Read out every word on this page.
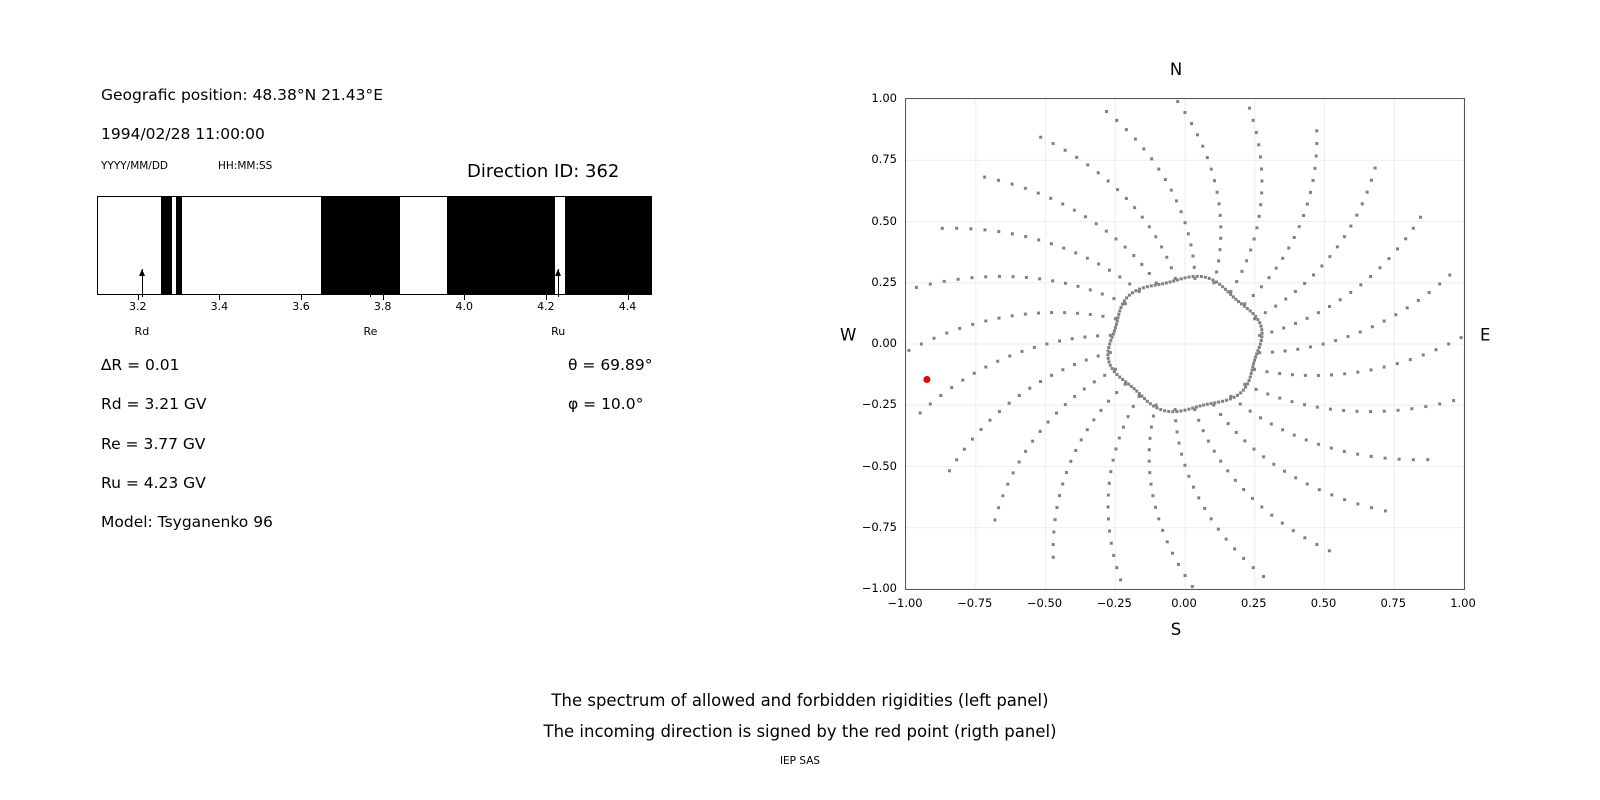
Geografic position: 48.38°N 21.43°E
1994/02/28 11:00:00
YYYY/MM/DD	HH:MM:SS	Direction ID: 362
3.2	3.4	3.6	3.8	4.0	4.2	4.4
Rd	Re	Ru
∆R = 0.01
Rd = 3.21 GV
Re = 3.77 GV
Ru = 4.23 GV
Model: Tsyganenko 96
θ = 69.89°
φ = 10.0°
N
S
W	E
−1.00	−0.75	−0.50	−0.25	0.00	0.25	0.50	0.75	1.00
−1.00
−0.75
−0.50
−0.25
0.00
0.25
0.50
0.75
1.00
The spectrum of allowed and forbidden rigidities (left panel)
The incoming direction is signed by the red point (rigth panel)
IEP SAS
